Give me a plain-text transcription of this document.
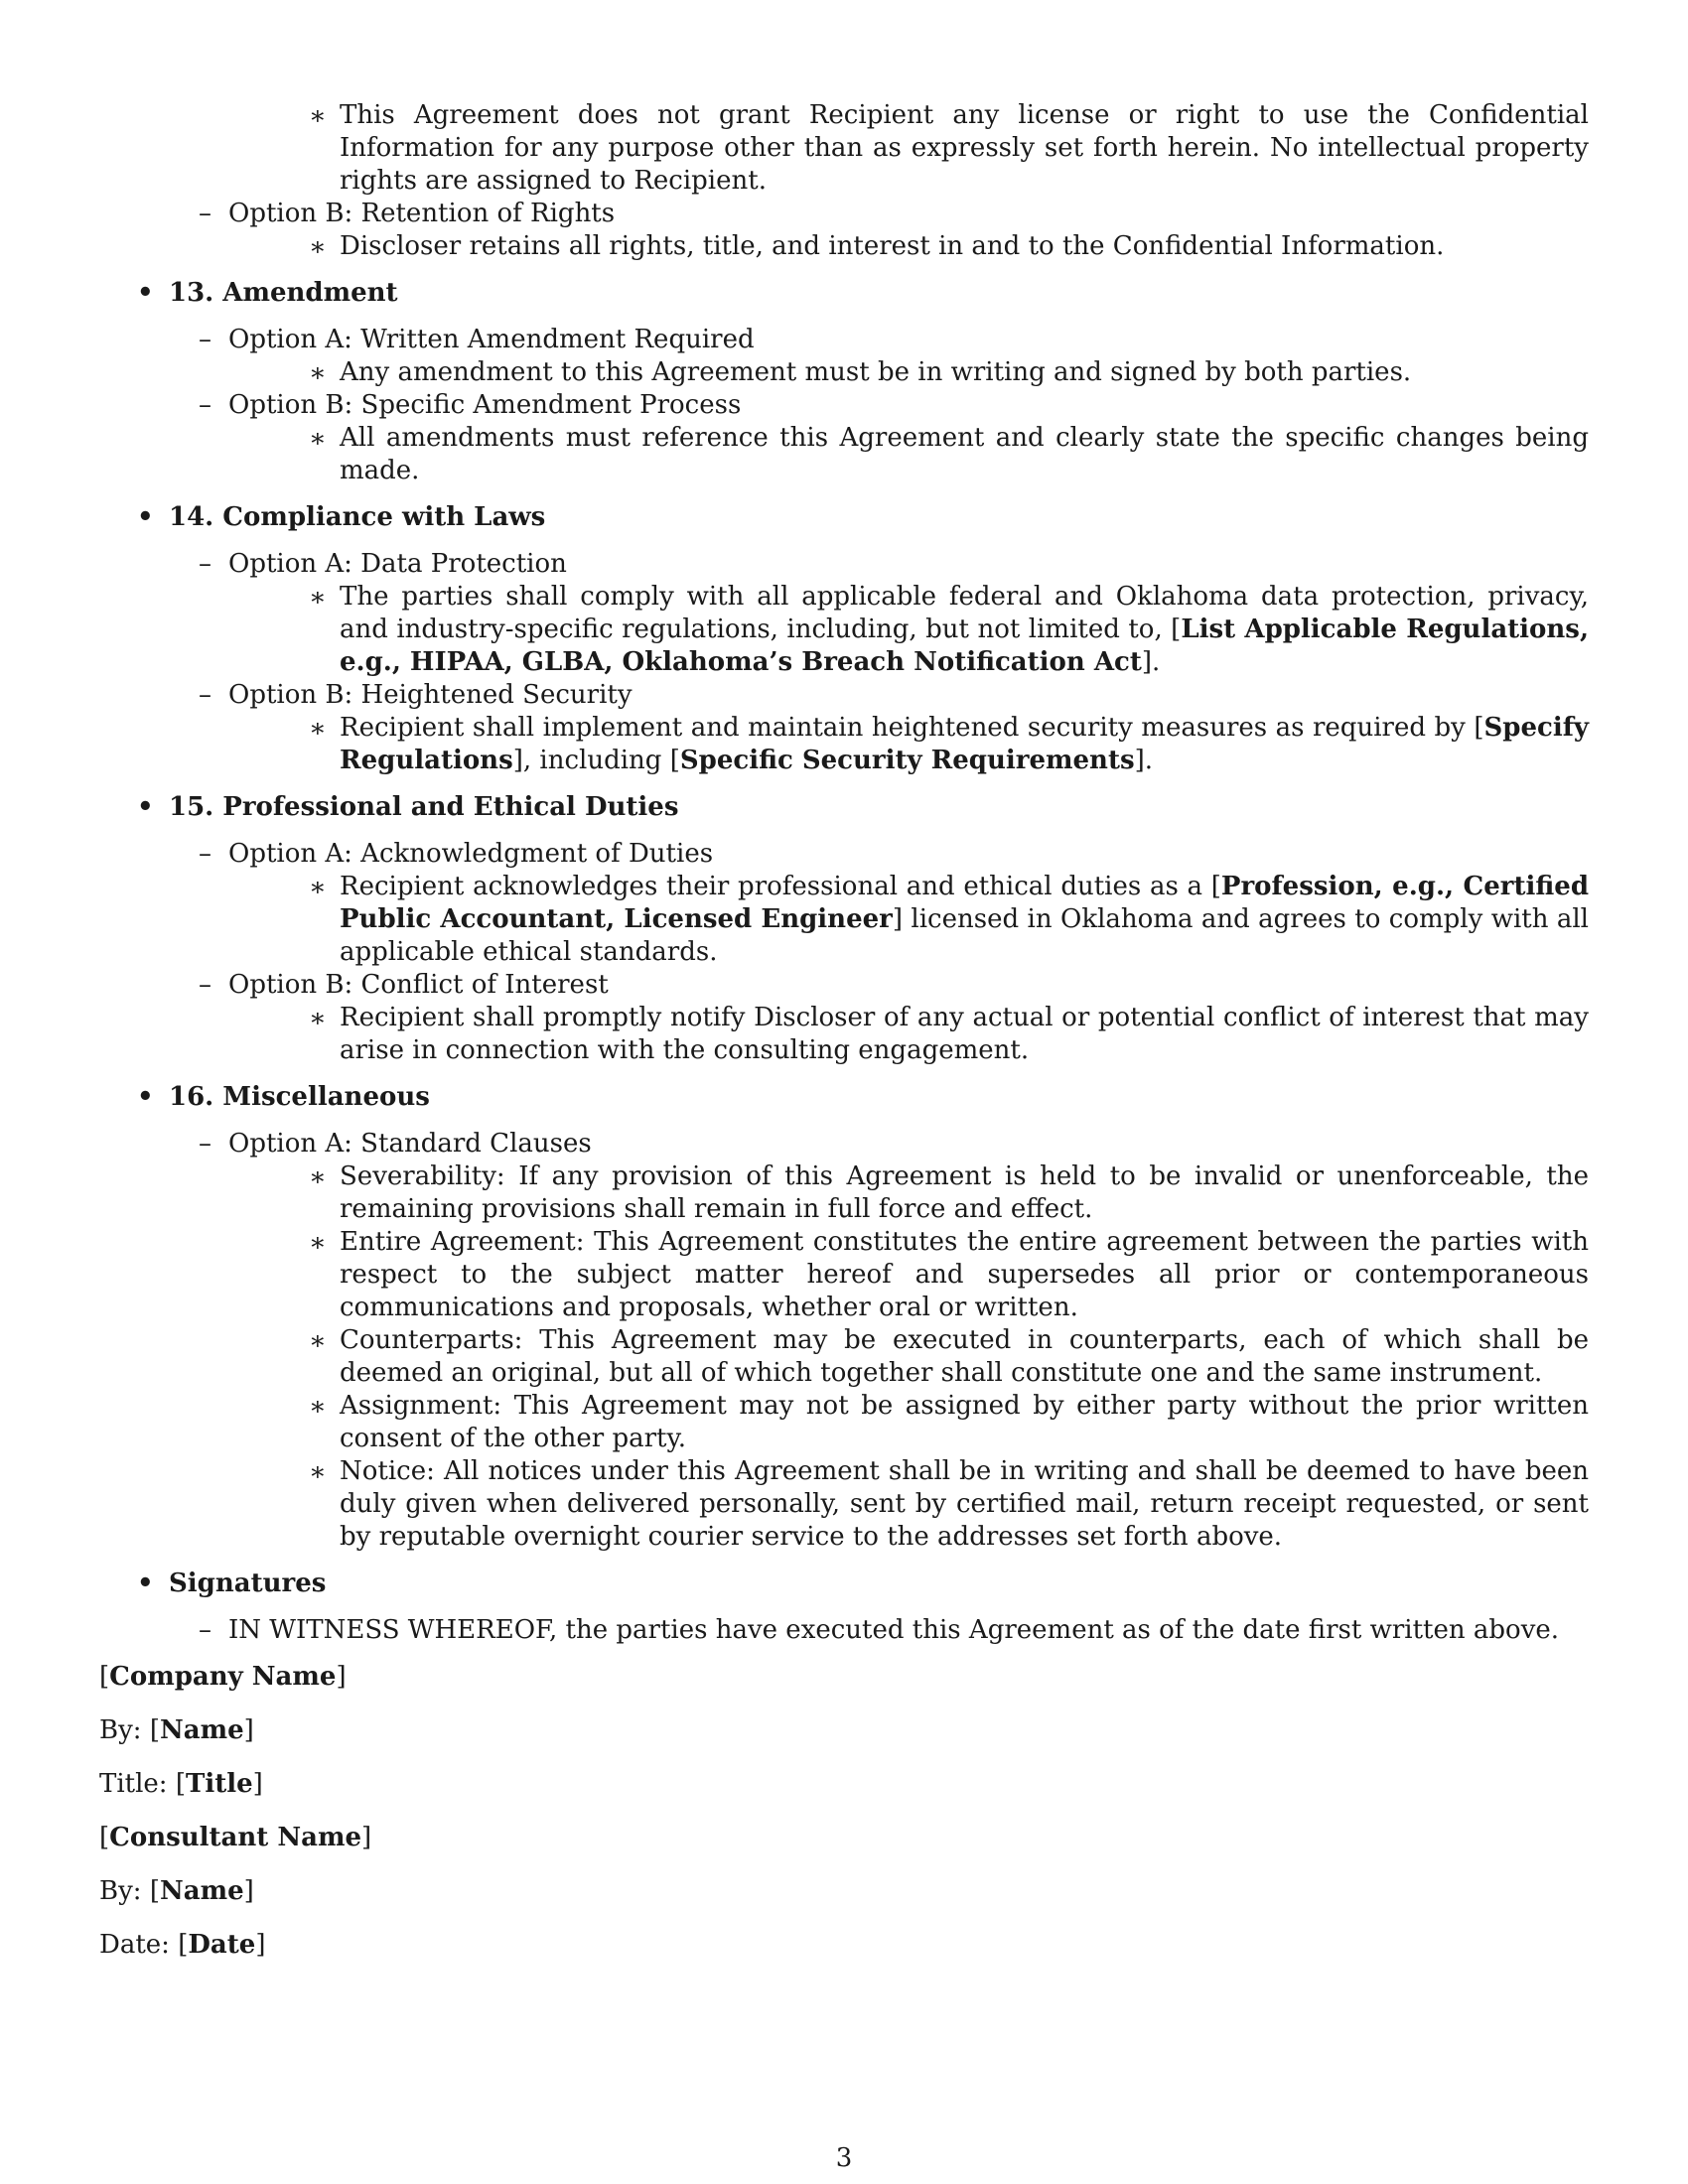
∗ This Agreement does not grant Recipient any license or right to use the Confidential Information for any purpose other than as expressly set forth herein. No intellectual property rights are assigned to Recipient.
– Option B: Retention of Rights
∗ Discloser retains all rights, title, and interest in and to the Confidential Information.
• 13. Amendment
– Option A: Written Amendment Required
∗ Any amendment to this Agreement must be in writing and signed by both parties.
– Option B: Specific Amendment Process
∗ All amendments must reference this Agreement and clearly state the specific changes being made.
• 14. Compliance with Laws
– Option A: Data Protection
∗ The parties shall comply with all applicable federal and Oklahoma data protection, privacy, and industry-specific regulations, including, but not limited to, [List Applicable Regulations, e.g., HIPAA, GLBA, Oklahoma’s Breach Notification Act].
– Option B: Heightened Security
∗ Recipient shall implement and maintain heightened security measures as required by [Specify Regulations], including [Specific Security Requirements].
• 15. Professional and Ethical Duties
– Option A: Acknowledgment of Duties
∗ Recipient acknowledges their professional and ethical duties as a [Profession, e.g., Certified Public Accountant, Licensed Engineer] licensed in Oklahoma and agrees to comply with all applicable ethical standards.
– Option B: Conflict of Interest
∗ Recipient shall promptly notify Discloser of any actual or potential conflict of interest that may arise in connection with the consulting engagement.
• 16. Miscellaneous
– Option A: Standard Clauses
∗ Severability: If any provision of this Agreement is held to be invalid or unenforceable, the remaining provisions shall remain in full force and effect.
∗ Entire Agreement: This Agreement constitutes the entire agreement between the parties with respect to the subject matter hereof and supersedes all prior or contemporaneous communications and proposals, whether oral or written.
∗ Counterparts: This Agreement may be executed in counterparts, each of which shall be deemed an original, but all of which together shall constitute one and the same instrument.
∗ Assignment: This Agreement may not be assigned by either party without the prior written consent of the other party.
∗ Notice: All notices under this Agreement shall be in writing and shall be deemed to have been duly given when delivered personally, sent by certified mail, return receipt requested, or sent by reputable overnight courier service to the addresses set forth above.
• Signatures
– IN WITNESS WHEREOF, the parties have executed this Agreement as of the date first written above.
[Company Name]
By: [Name]
Title: [Title]
[Consultant Name]
By: [Name]
Date: [Date]
3
